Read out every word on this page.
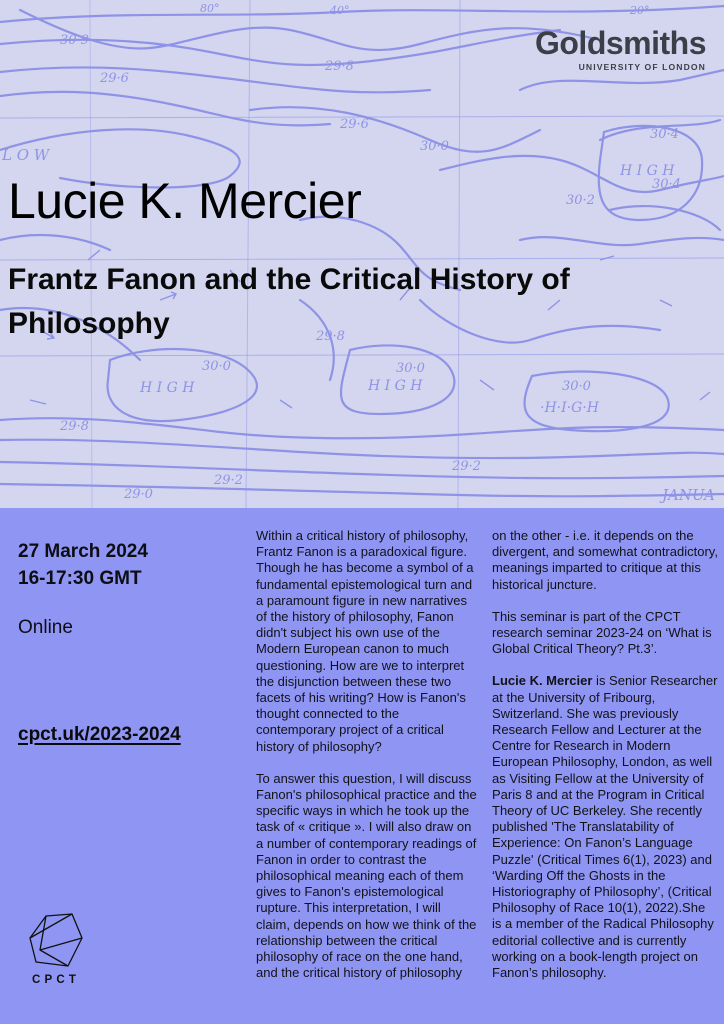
30·9
29·8
29·6
30·0
L O W
H I G H
30·4
30·2
29·8
30·0
H I G H
30·0
H I G H	30·0
·H·I·G·H
29·8
29·2
29·0	JANUA
80°	40°	20°
29·6
29·2
30·4
Goldsmiths
UNIVERSITY OF LONDON
Lucie K. Mercier
Frantz Fanon and the Critical History of Philosophy

27 March 2024

16-17:30 GMT

Online

cpct.uk/2023-2024

Within a critical history of philosophy, Frantz Fanon is a paradoxical figure. Though he has become a symbol of a fundamental epistemological turn and a paramount figure in new narratives of the history of philosophy, Fanon didn't subject his own use of the Modern European canon to much questioning. How are we to interpret the disjunction between these two facets of his writing? How is Fanon's thought connected to the contemporary project of a critical history of philosophy?

To answer this question, I will discuss Fanon's philosophical practice and the specific ways in which he took up the task of « critique ». I will also draw on a number of contemporary readings of Fanon in order to contrast the philosophical meaning each of them gives to Fanon's epistemological rupture. This interpretation, I will claim, depends on how we think of the relationship between the critical philosophy of race on the one hand, and the critical history of philosophy

on the other - i.e. it depends on the divergent, and somewhat contradictory, meanings imparted to critique at this historical juncture.

This seminar is part of the CPCT research seminar 2023-24 on ‘What is Global Critical Theory? Pt.3’.

Lucie K. Mercier is Senior Researcher at the University of Fribourg, Switzerland. She was previously Research Fellow and Lecturer at the Centre for Research in Modern European Philosophy, London, as well as Visiting Fellow at the University of Paris 8 and at the Program in Critical Theory of UC Berkeley. She recently published 'The Translatability of Experience: On Fanon’s Language Puzzle' (Critical Times 6(1), 2023) and ‘Warding Off the Ghosts in the Historiography of Philosophy’, (Critical Philosophy of Race 10(1), 2022).She is a member of the Radical Philosophy editorial collective and is currently working on a book-length project on Fanon’s philosophy.

CPCT
